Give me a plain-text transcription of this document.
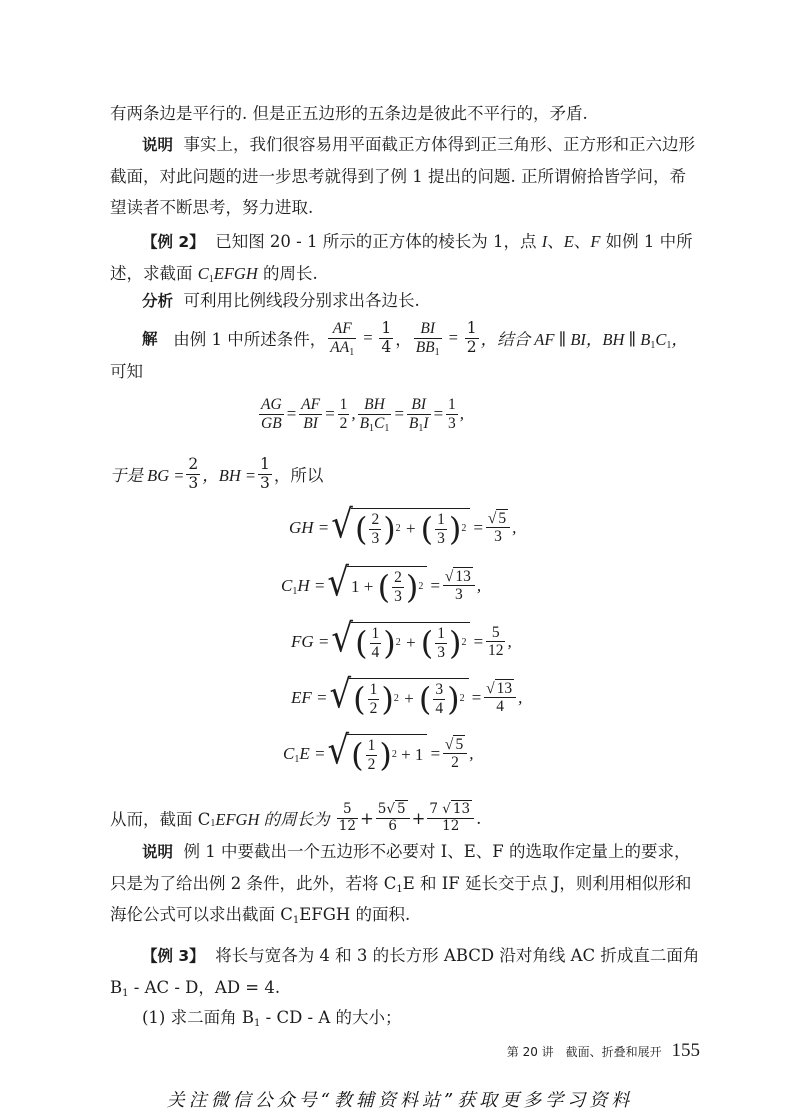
有两条边是平行的. 但是正五边形的五条边是彼此不平行的，矛盾.

说明 事实上，我们很容易用平面截正方体得到正三角形、正方形和正六边形截面，对此问题的进一步思考就得到了例 1 提出的问题. 正所谓俯拾皆学问，希望读者不断思考，努力进取.

【例 2】 已知图 20 - 1 所示的正方体的棱长为 1，点 I、E、F 如例 1 中所述，求截面 $C_1EFGH$ 的周长.

分析 可利用比例线段分别求出各边长.

解
由例 1 中所述条件， $\frac{AF}{AA_1} = \frac{1}{4}$ ， $\frac{BI}{BB_1} = \frac{1}{2}$ ，结合 AF ∥ BI，BH ∥ B $_1C_1$，

可知

$\frac{AG}{GB} = \frac{AF}{BI} = \frac{1}{2}$ , $\frac{BH}{B_1C_1} = \frac{BI}{B_1I} = \frac{1}{3}$ ,
于是 BG = $\frac{2}{3}$ ，BH = $\frac{1}{3}$ ，所以
GH = √ ( $\frac{2}{3}$ ) 2 + ( $\frac{1}{3}$ ) $2 = \frac{√ 5}{3}$ ,
$C_1H$ = √ 1 +
( $\frac{2}{3}$ ) $2 = \frac{√ 13}{3}$ ,
FG = √ ( $\frac{1}{4}$ ) 2 + ( $\frac{1}{3}$ ) $2 = \frac{5}{12}$ ,
EF = √ ( $\frac{1}{2}$ ) 2 + ( $\frac{3}{4}$ ) $2 = \frac{√ 13}{4}$ ,
$C_1E$ = √ ( $\frac{1}{2}$ ) 2
+ $1 = \frac{√ 5}{2}$ ,
从而，截面 C $_1$ EFGH 的周长为
$\frac{5}{12} + \frac{5√ 5}{6} + \frac{7 √ 13}{12}$ .

说明 例 1 中要截出一个五边形不必要对 I、E、F 的选取作定量上的要求，只是为了给出例 2 条件，此外，若将 $C_1E$ 和 IF 延长交于点 J，则利用相似形和海伦公式可以求出截面 $C_1EFGH$ 的面积.

【例 3】 将长与宽各为 4 和 3 的长方形 ABCD 沿对角线 AC 折成直二面角 $B_1$ - AC - D，AD = 4.

(1) 求二面角 $B_1$ - CD - A 的大小；

第 20 讲　截面、折叠和展开 155
关注微信公众号“教辅资料站”获取更多学习资料
